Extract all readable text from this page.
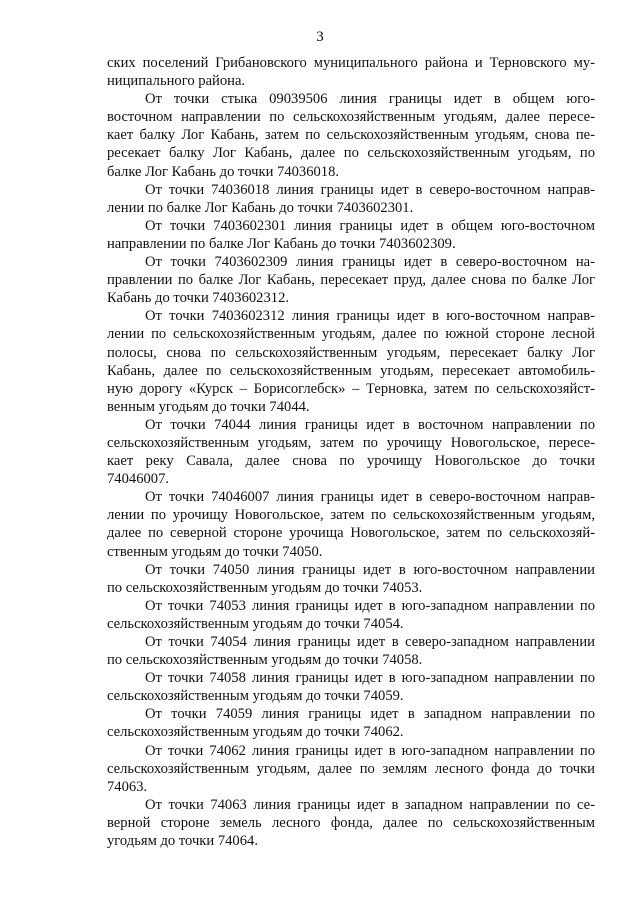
3
ских поселений Грибановского муниципального района и Терновского му-
ниципального района.
От точки стыка 09039506 линия границы идет в общем юго-
восточном направлении по сельскохозяйственным угодьям, далее пересе-
кает балку Лог Кабань, затем по сельскохозяйственным угодьям, снова пе-
ресекает балку Лог Кабань, далее по сельскохозяйственным угодьям, по
балке Лог Кабань до точки 74036018.
От точки 74036018 линия границы идет в северо-восточном направ-
лении по балке Лог Кабань до точки 7403602301.
От точки 7403602301 линия границы идет в общем юго-восточном
направлении по балке Лог Кабань до точки 7403602309.
От точки 7403602309 линия границы идет в северо-восточном на-
правлении по балке Лог Кабань, пересекает пруд, далее снова по балке Лог
Кабань до точки 7403602312.
От точки 7403602312 линия границы идет в юго-восточном направ-
лении по сельскохозяйственным угодьям, далее по южной стороне лесной
полосы, снова по сельскохозяйственным угодьям, пересекает балку Лог
Кабань, далее по сельскохозяйственным угодьям, пересекает автомобиль-
ную дорогу «Курск – Борисоглебск» – Терновка, затем по сельскохозяйст-
венным угодьям до точки 74044.
От точки 74044 линия границы идет в восточном направлении по
сельскохозяйственным угодьям, затем по урочищу Новогольское, пересе-
кает реку Савала, далее снова по урочищу Новогольское до точки
74046007.
От точки 74046007 линия границы идет в северо-восточном направ-
лении по урочищу Новогольское, затем по сельскохозяйственным угодьям,
далее по северной стороне урочища Новогольское, затем по сельскохозяй-
ственным угодьям до точки 74050.
От точки 74050 линия границы идет в юго-восточном направлении
по сельскохозяйственным угодьям до точки 74053.
От точки 74053 линия границы идет в юго-западном направлении по
сельскохозяйственным угодьям до точки 74054.
От точки 74054 линия границы идет в северо-западном направлении
по сельскохозяйственным угодьям до точки 74058.
От точки 74058 линия границы идет в юго-западном направлении по
сельскохозяйственным угодьям до точки 74059.
От точки 74059 линия границы идет в западном направлении по
сельскохозяйственным угодьям до точки 74062.
От точки 74062 линия границы идет в юго-западном направлении по
сельскохозяйственным угодьям, далее по землям лесного фонда до точки
74063.
От точки 74063 линия границы идет в западном направлении по се-
верной стороне земель лесного фонда, далее по сельскохозяйственным
угодьям до точки 74064.
